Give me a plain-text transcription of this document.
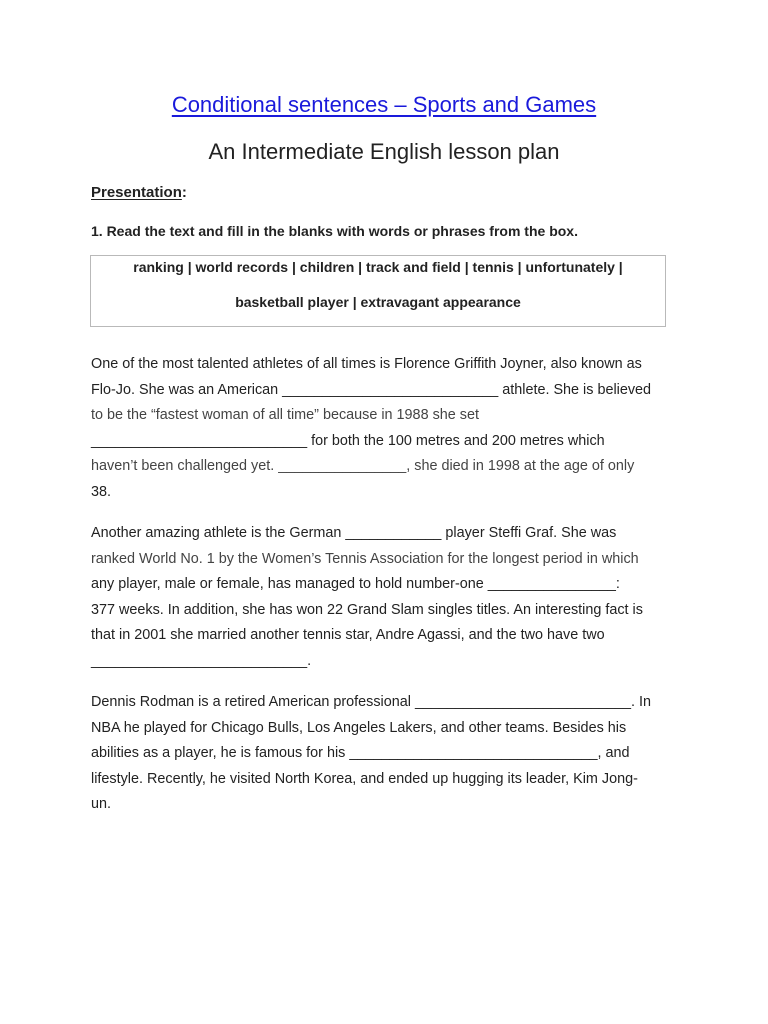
Conditional sentences – Sports and Games
An Intermediate English lesson plan
Presentation:
1. Read the text and fill in the blanks with words or phrases from the box.
ranking | world records | children | track and field | tennis | unfortunately |
basketball player | extravagant appearance
One of the most talented athletes of all times is Florence Griffith Joyner, also known as
Flo-Jo. She was an American ___________________________ athlete. She is believed
to be the “fastest woman of all time” because in 1988 she set
___________________________ for both the 100 metres and 200 metres which
haven’t been challenged yet. ________________, she died in 1998 at the age of only
38.
Another amazing athlete is the German ____________ player Steffi Graf. She was
ranked World No. 1 by the Women’s Tennis Association for the longest period in which
any player, male or female, has managed to hold number-one ________________:
377 weeks. In addition, she has won 22 Grand Slam singles titles. An interesting fact is
that in 2001 she married another tennis star, Andre Agassi, and the two have two
___________________________.
Dennis Rodman is a retired American professional ___________________________. In
NBA he played for Chicago Bulls, Los Angeles Lakers, and other teams. Besides his
abilities as a player, he is famous for his _______________________________, and
lifestyle. Recently, he visited North Korea, and ended up hugging its leader, Kim Jong-
un.
